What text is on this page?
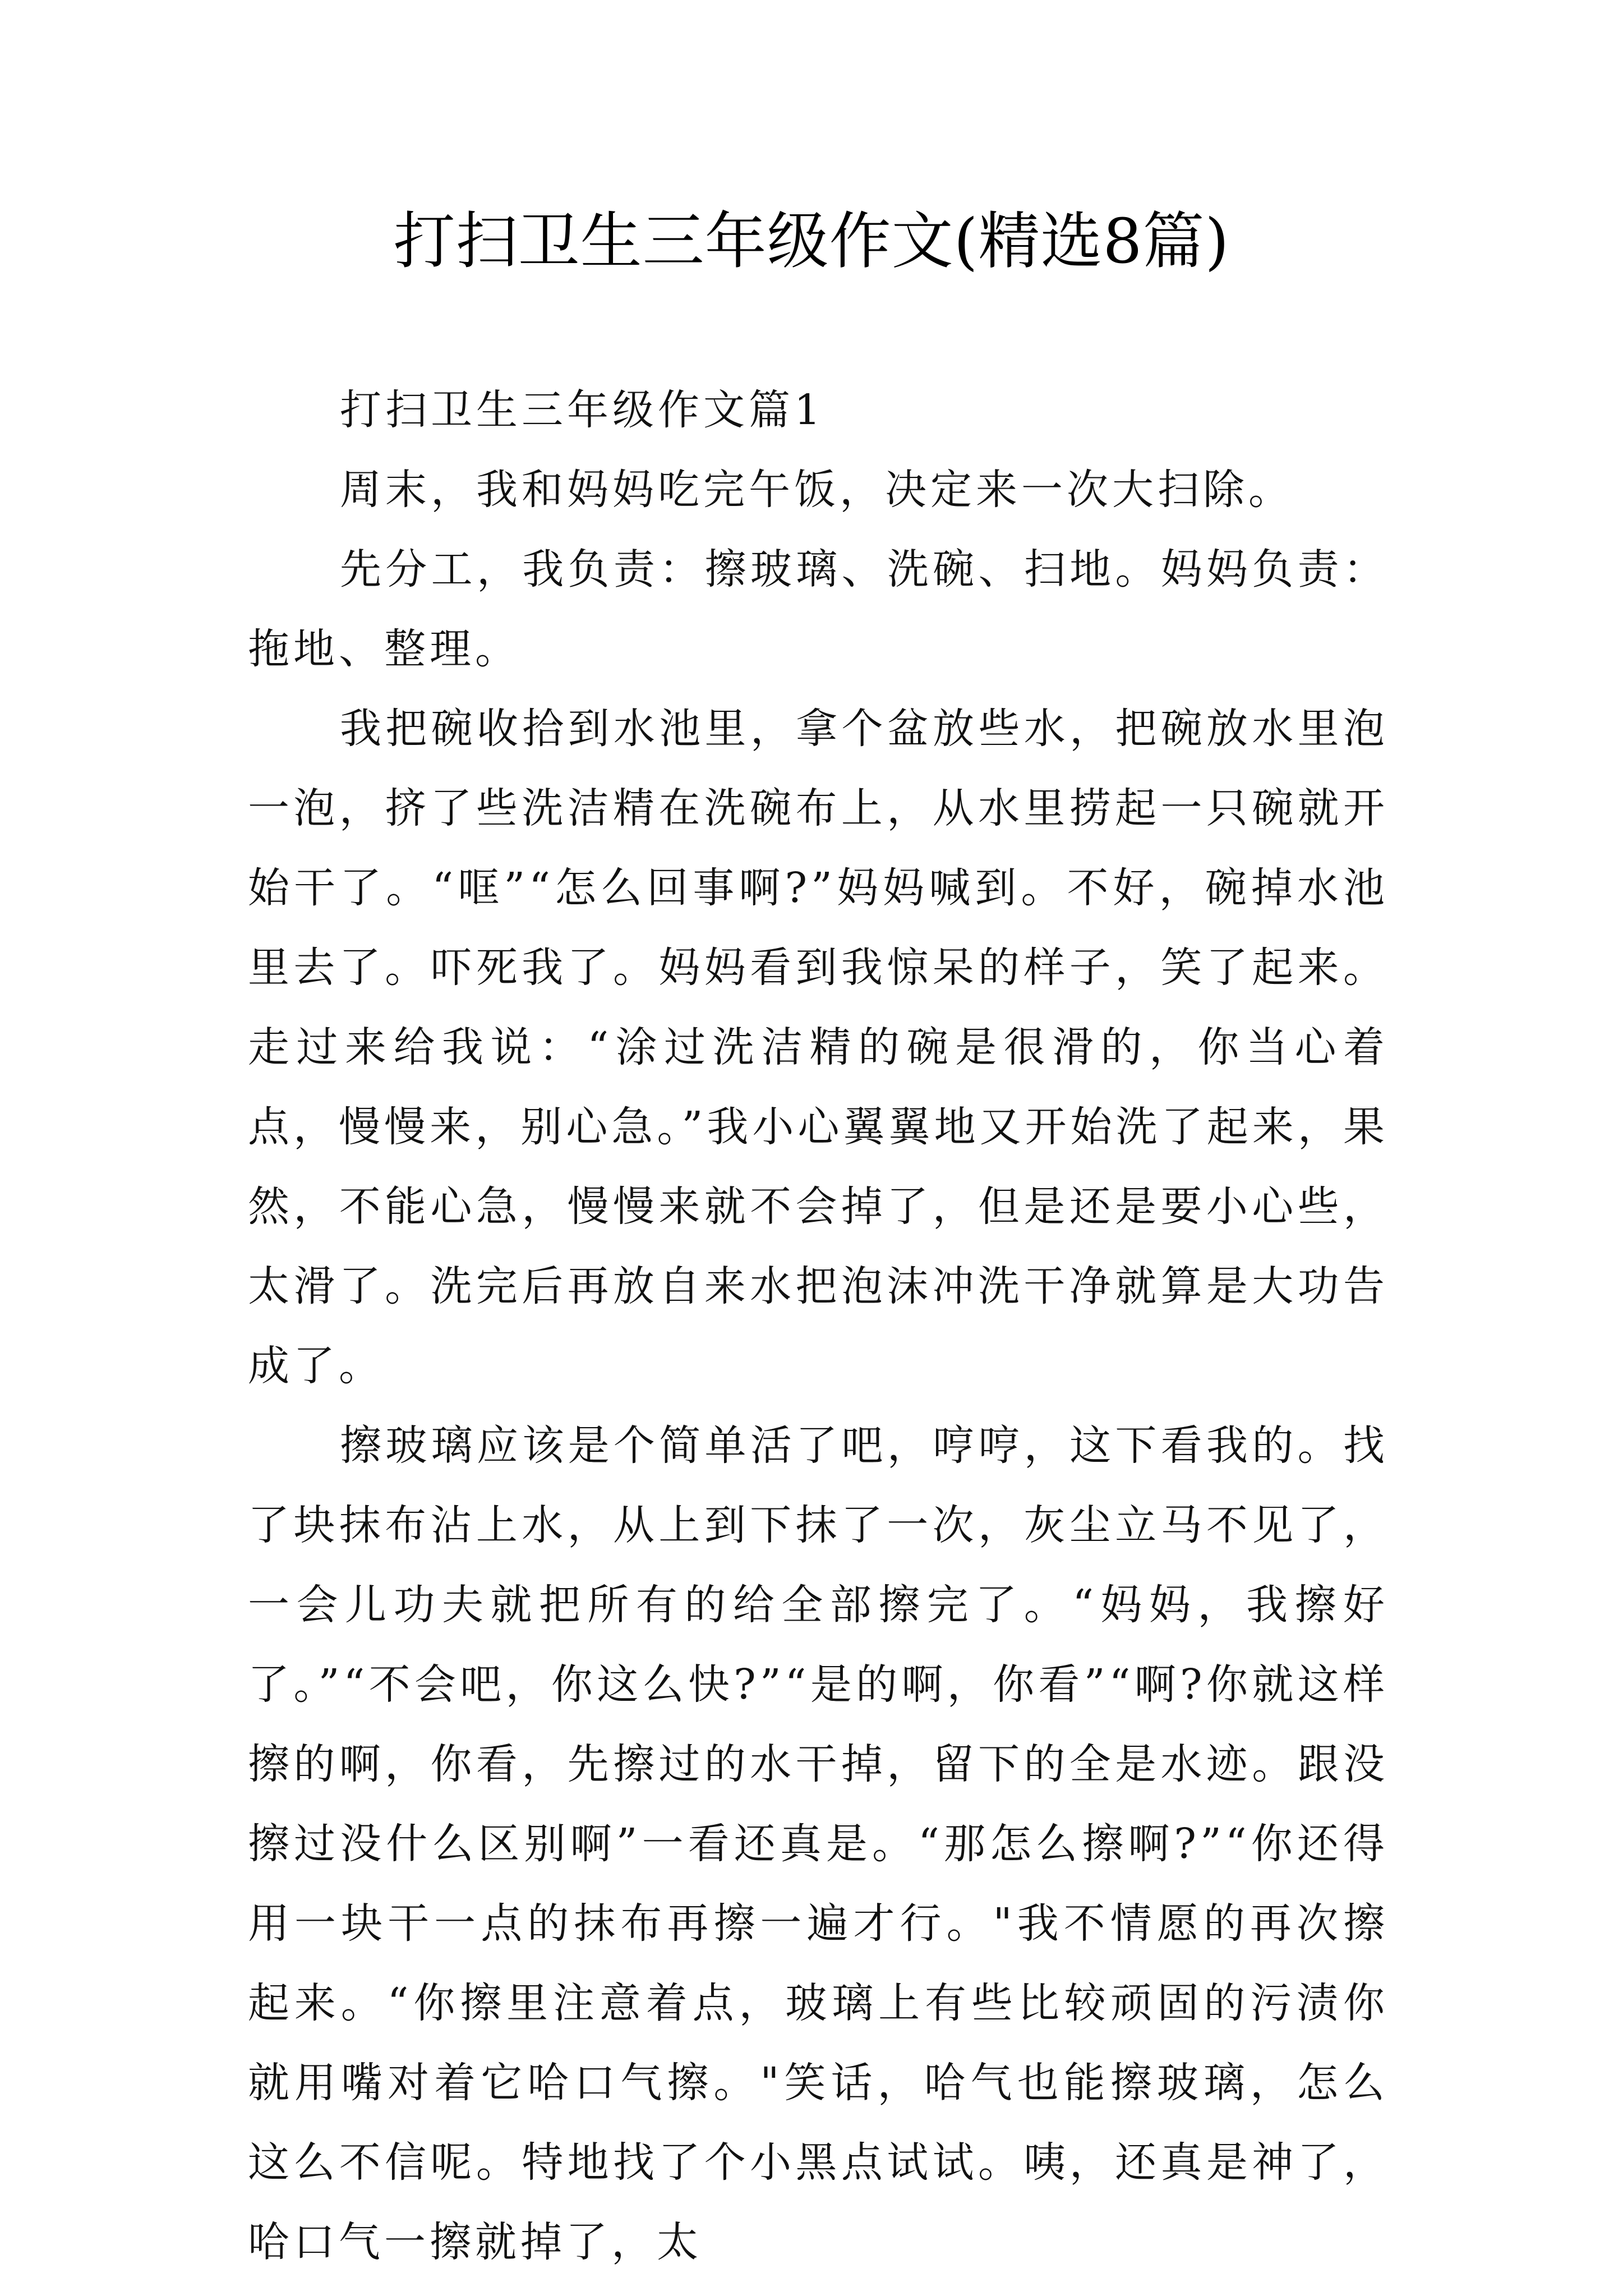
打扫卫生三年级作文(精选8篇)

打扫卫生三年级作文篇1

周末，我和妈妈吃完午饭，决定来一次大扫除。

先分工，我负责：擦玻璃、洗碗、扫地。妈妈负责：拖地、整理。

我把碗收拾到水池里，拿个盆放些水，把碗放水里泡一泡，挤了些洗洁精在洗碗布上，从水里捞起一只碗就开始干了。“哐”“怎么回事啊?”妈妈喊到。不好，碗掉水池里去了。吓死我了。妈妈看到我惊呆的样子，笑了起来。走过来给我说：“涂过洗洁精的碗是很滑的，你当心着点，慢慢来，别心急。”我小心翼翼地又开始洗了起来，果然，不能心急，慢慢来就不会掉了，但是还是要小心些，太滑了。洗完后再放自来水把泡沫冲洗干净就算是大功告成了。

擦玻璃应该是个简单活了吧，哼哼，这下看我的。找了块抹布沾上水，从上到下抹了一次，灰尘立马不见了，一会儿功夫就把所有的给全部擦完了。“妈妈，我擦好了。”“不会吧，你这么快?”“是的啊，你看”“啊?你就这样擦的啊，你看，先擦过的水干掉，留下的全是水迹。跟没擦过没什么区别啊”一看还真是。“那怎么擦啊?”“你还得用一块干一点的抹布再擦一遍才行。"我不情愿的再次擦起来。“你擦里注意着点，玻璃上有些比较顽固的污渍你就用嘴对着它哈口气擦。"笑话，哈气也能擦玻璃，怎么这么不信呢。特地找了个小黑点试试。咦，还真是神了，哈口气一擦就掉了，太
